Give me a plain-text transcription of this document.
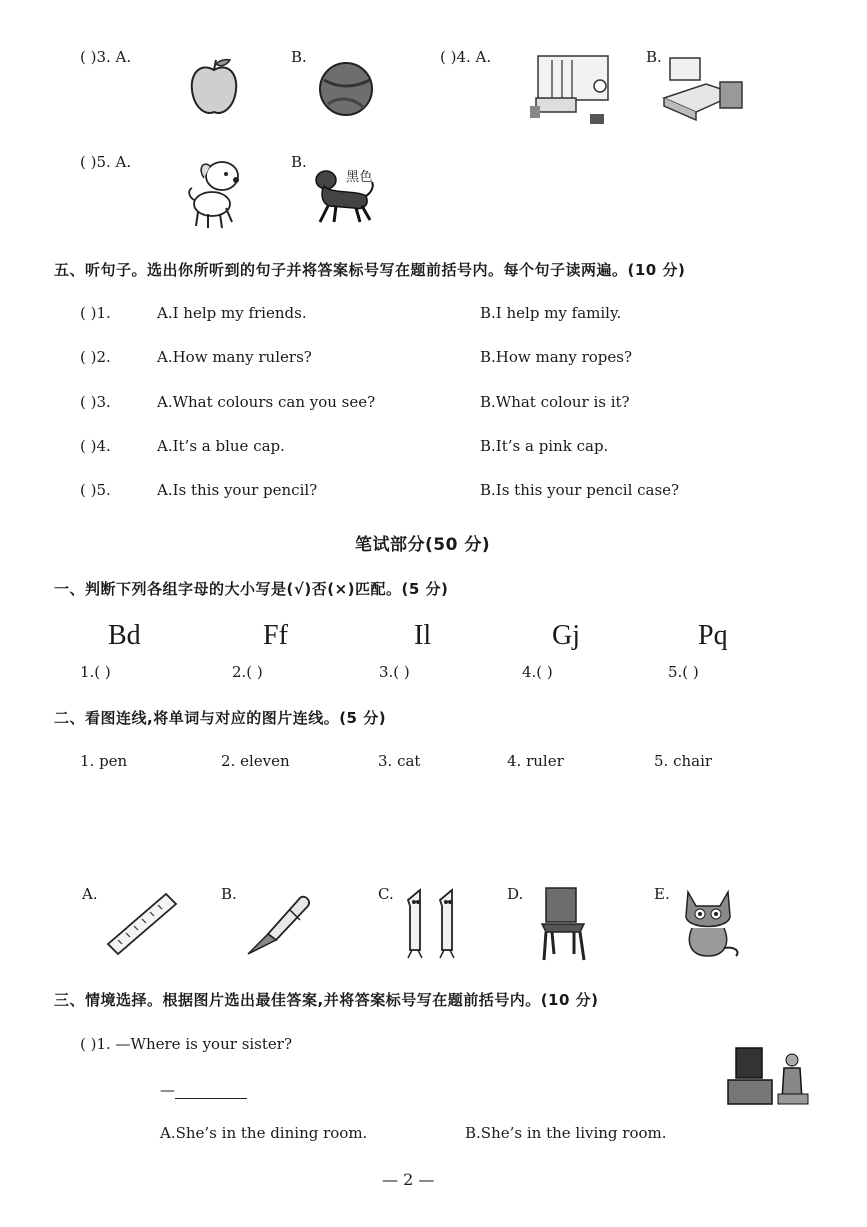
( )3. A.	B.	( )4. A.	B.
( )5. A.	B.
黑色
五、听句子。选出你所听到的句子并将答案标号写在题前括号内。每个句子读两遍。(10 分)
( )1.	A.I help my friends.	B.I help my family.
( )2.	A.How many rulers?	B.How many ropes?
( )3.	A.What colours can you see?	B.What colour is it?
( )4.	A.It’s a blue cap.	B.It’s a pink cap.
( )5.	A.Is this your pencil?	B.Is this your pencil case?
笔试部分(50 分)
一、判断下列各组字母的大小写是(√)否(×)匹配。(5 分)
Bd	Ff	Il	Gj	Pq
1.( )	2.( )	3.( )	4.( )	5.( )
二、看图连线,将单词与对应的图片连线。(5 分)
1. pen	2. eleven	3. cat	4. ruler	5. chair
A.	B.	C.	D.	E.
三、情境选择。根据图片选出最佳答案,并将答案标号写在题前括号内。(10 分)
( )1. —Where is your sister?
—
A.She’s in the dining room.	B.She’s in the living room.
— 2 —
